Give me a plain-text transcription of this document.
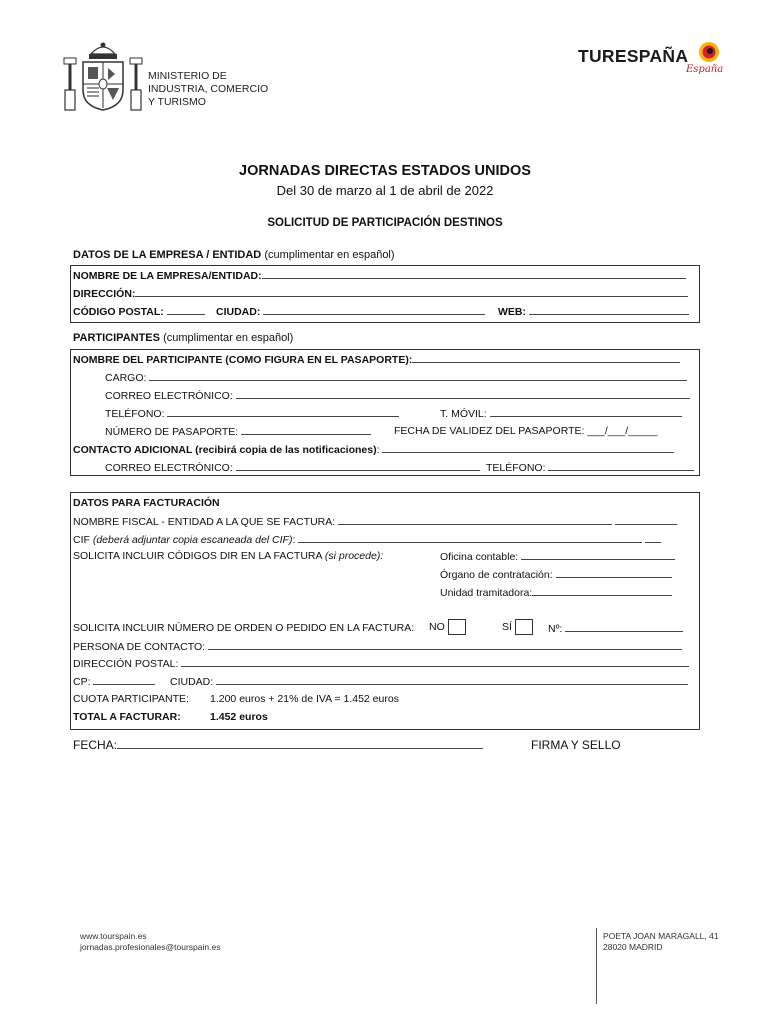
MINISTERIO DE
INDUSTRIA, COMERCIO
Y TURISMO
TURESPAÑA
España
JORNADAS DIRECTAS ESTADOS UNIDOS
Del 30 de marzo al 1 de abril de 2022
SOLICITUD DE PARTICIPACIÓN DESTINOS
DATOS DE LA EMPRESA / ENTIDAD (cumplimentar en español)
NOMBRE DE LA EMPRESA/ENTIDAD:
DIRECCIÓN:
CÓDIGO POSTAL:	CIUDAD:	WEB:
PARTICIPANTES (cumplimentar en español)
NOMBRE DEL PARTICIPANTE (COMO FIGURA EN EL PASAPORTE):
CARGO:
CORREO ELECTRÓNICO:
TELÉFONO:	T. MÓVIL:
NÚMERO DE PASAPORTE:	FECHA DE VALIDEZ DEL PASAPORTE: ___/___/_____
CONTACTO ADICIONAL (recibirá copia de las notificaciones):
CORREO ELECTRÓNICO:	TELÉFONO:
DATOS PARA FACTURACIÓN
NOMBRE FISCAL - ENTIDAD A LA QUE SE FACTURA:
CIF (deberá adjuntar copia escaneada del CIF):
SOLICITA INCLUIR CÓDIGOS DIR EN LA FACTURA (si procede):	Oficina contable:
Órgano de contratación:
Unidad tramitadora:
SOLICITA INCLUIR NÚMERO DE ORDEN O PEDIDO EN LA FACTURA: NO	SÍ	Nº:
PERSONA DE CONTACTO:
DIRECCIÓN POSTAL:
CP:	CIUDAD:
CUOTA PARTICIPANTE: 1.200 euros + 21% de IVA = 1.452 euros
TOTAL A FACTURAR:	1.452 euros
FECHA:	FIRMA Y SELLO
www.tourspain.es
jornadas.profesionales@tourspain.es
POETA JOAN MARAGALL, 41
28020 MADRID
